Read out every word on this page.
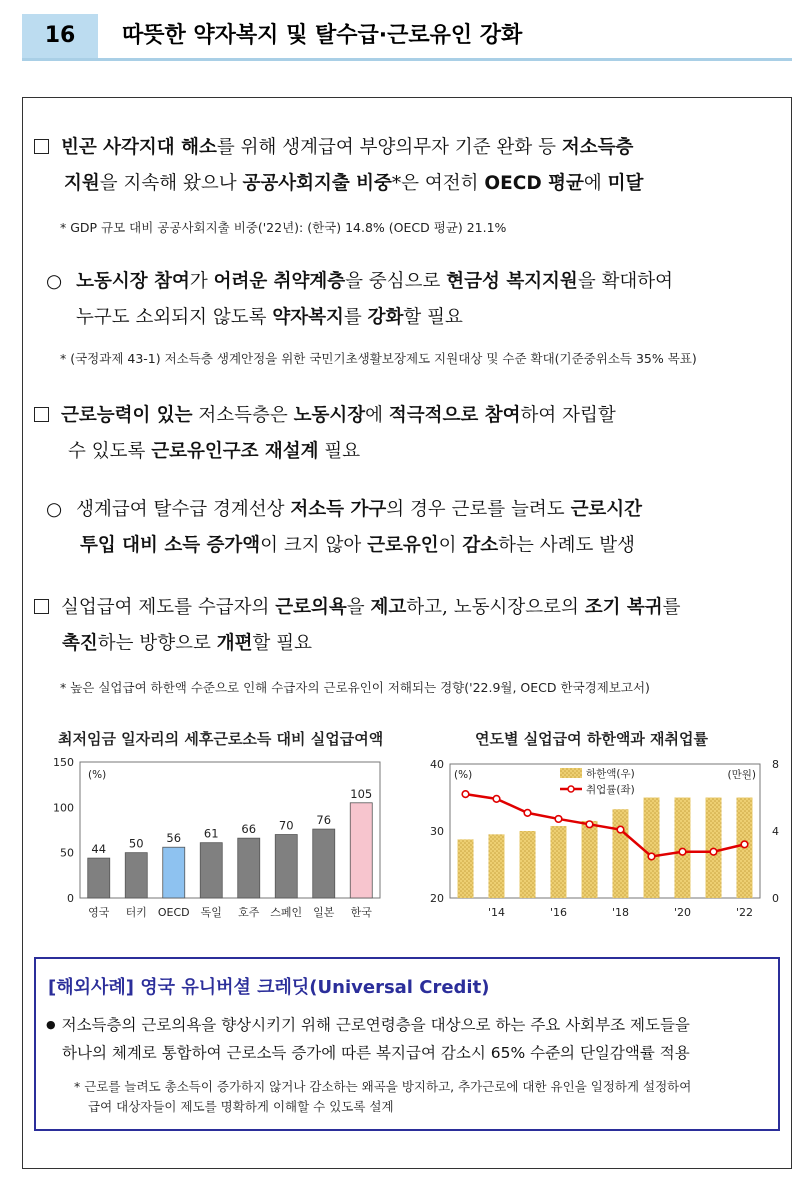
16	따뜻한 약자복지 및 탈수급·근로유인 강화
빈곤 사각지대 해소를 위해 생계급여 부양의무자 기준 완화 등 저소득층
지원을 지속해 왔으나 공공사회지출 비중*은 여전히 OECD 평균에 미달
* GDP 규모 대비 공공사회지출 비중('22년): (한국) 14.8% (OECD 평균) 21.1%
○ 노동시장 참여가 어려운 취약계층을 중심으로 현금성 복지지원을 확대하여
누구도 소외되지 않도록 약자복지를 강화할 필요
* (국정과제 43-1) 저소득층 생계안정을 위한 국민기초생활보장제도 지원대상 및 수준 확대(기준중위소득 35% 목표)
근로능력이 있는 저소득층은 노동시장에 적극적으로 참여하여 자립할
수 있도록 근로유인구조 재설계 필요
○ 생계급여 탈수급 경계선상 저소득 가구의 경우 근로를 늘려도 근로시간
투입 대비 소득 증가액이 크지 않아 근로유인이 감소하는 사례도 발생
실업급여 제도를 수급자의 근로의욕을 제고하고, 노동시장으로의 조기 복귀를
촉진하는 방향으로 개편할 필요
* 높은 실업급여 하한액 수준으로 인해 수급자의 근로유인이 저해되는 경향('22.9월, OECD 한국경제보고서)
최저임금 일자리의 세후근로소득 대비 실업급여액
0
50
100
150
(%)
44
영국
50
터키
56
OECD
61
독일
66
호주
70
스페인
76
일본
105
한국
연도별 실업급여 하한액과 재취업률
20
30
40
0
4
8
(%)	(만원)
'14	'16	'18	'20	'22
하한액(우)
취업률(좌)
[해외사례] 영국 유니버셜 크레딧(Universal Credit)
● 저소득층의 근로의욕을 향상시키기 위해 근로연령층을 대상으로 하는 주요 사회부조 제도들을
하나의 체계로 통합하여 근로소득 증가에 따른 복지급여 감소시 65% 수준의 단일감액률 적용
* 근로를 늘려도 총소득이 증가하지 않거나 감소하는 왜곡을 방지하고, 추가근로에 대한 유인을 일정하게 설정하여
급여 대상자들이 제도를 명확하게 이해할 수 있도록 설계
